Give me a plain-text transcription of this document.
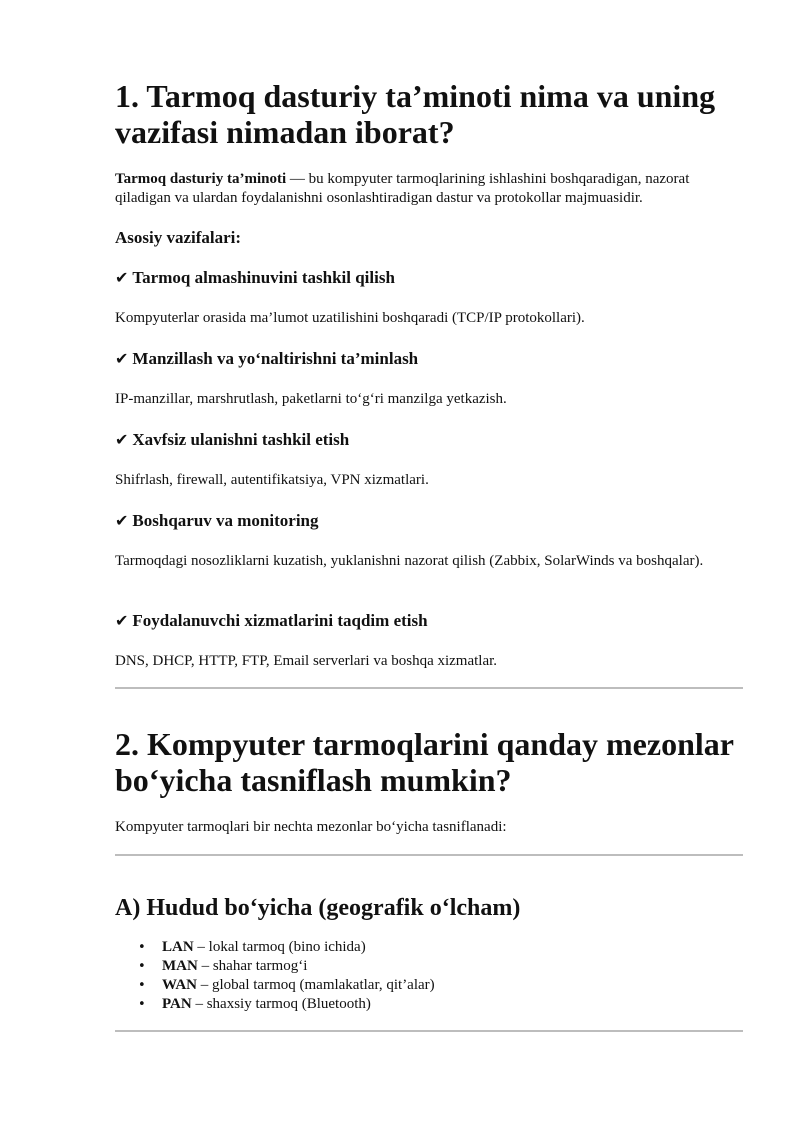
1. Tarmoq dasturiy ta’minoti nima va uning vazifasi nimadan iborat?

Tarmoq dasturiy ta’minoti — bu kompyuter tarmoqlarining ishlashini boshqaradigan, nazorat qiladigan va ulardan foydalanishni osonlashtiradigan dastur va protokollar majmuasidir.

Asosiy vazifalari:
✔ Tarmoq almashinuvini tashkil qilish

Kompyuterlar orasida ma’lumot uzatilishini boshqaradi (TCP/IP protokollari).

✔ Manzillash va yo‘naltirishni ta’minlash

IP-manzillar, marshrutlash, paketlarni to‘g‘ri manzilga yetkazish.

✔ Xavfsiz ulanishni tashkil etish

Shifrlash, firewall, autentifikatsiya, VPN xizmatlari.

✔ Boshqaruv va monitoring

Tarmoqdagi nosozliklarni kuzatish, yuklanishni nazorat qilish (Zabbix, SolarWinds va boshqalar).

✔ Foydalanuvchi xizmatlarini taqdim etish

DNS, DHCP, HTTP, FTP, Email serverlari va boshqa xizmatlar.

2. Kompyuter tarmoqlarini qanday mezonlar bo‘yicha tasniflash mumkin?

Kompyuter tarmoqlari bir nechta mezonlar bo‘yicha tasniflanadi:

A) Hudud bo‘yicha (geografik o‘lcham)
• LAN – lokal tarmoq (bino ichida)
• MAN – shahar tarmog‘i
• WAN – global tarmoq (mamlakatlar, qit’alar)
• PAN – shaxsiy tarmoq (Bluetooth)
